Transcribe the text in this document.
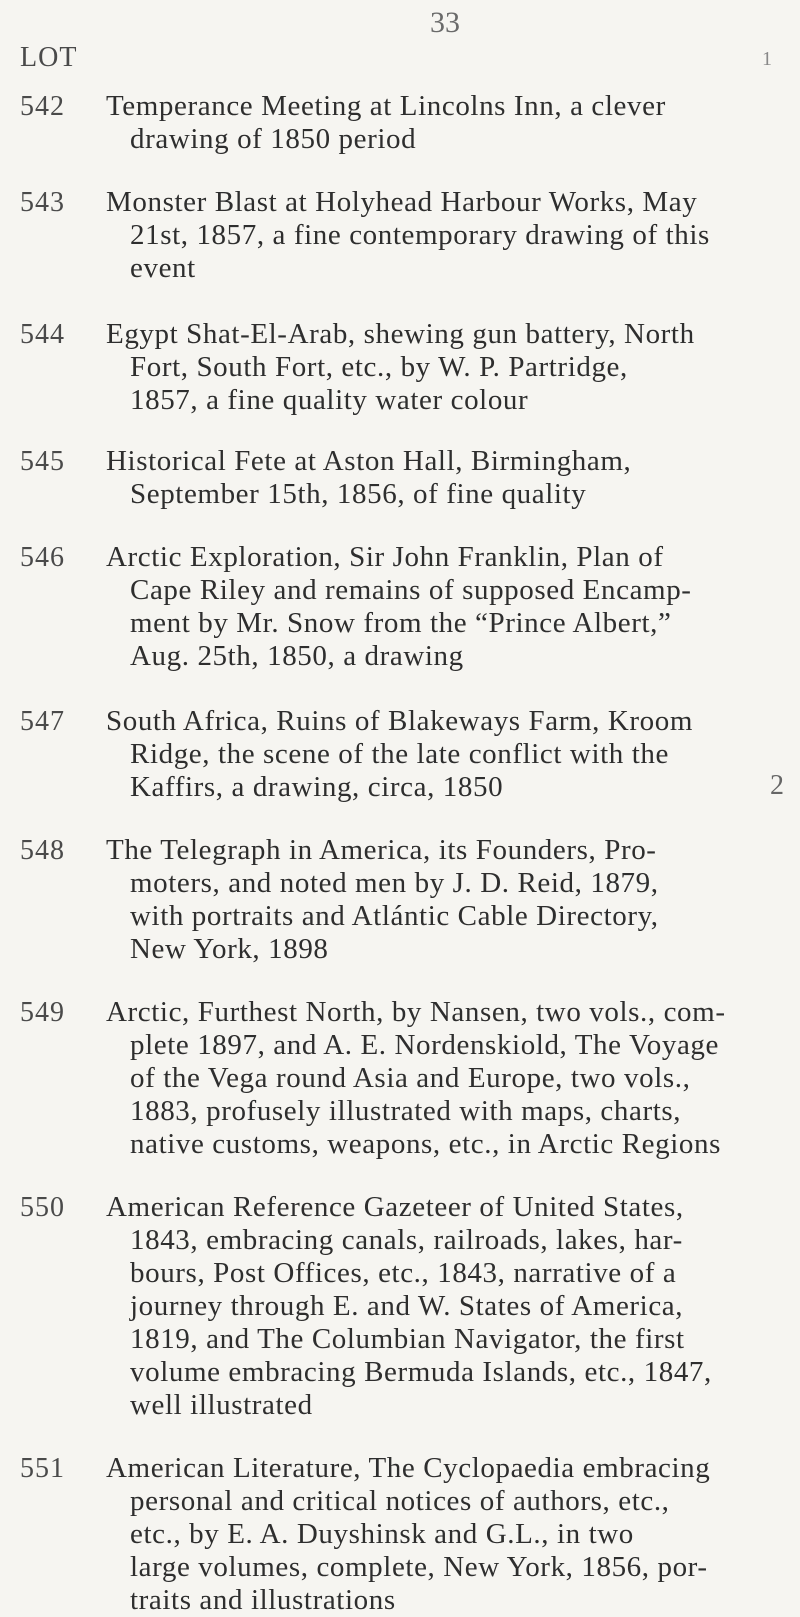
33
LOT	1
2
542	Temperance Meeting at Lincolns Inn, a clever
drawing of 1850 period
543	Monster Blast at Holyhead Harbour Works, May
21st, 1857, a fine contemporary drawing of this
event
544	Egypt Shat-El-Arab, shewing gun battery, North
Fort, South Fort, etc., by W. P. Partridge,
1857, a fine quality water colour
545	Historical Fete at Aston Hall, Birmingham,
September 15th, 1856, of fine quality
546	Arctic Exploration, Sir John Franklin, Plan of
Cape Riley and remains of supposed Encamp-
ment by Mr. Snow from the “Prince Albert,”
Aug. 25th, 1850, a drawing
547	South Africa, Ruins of Blakeways Farm, Kroom
Ridge, the scene of the late conflict with the
Kaffirs, a drawing, circa, 1850
548	The Telegraph in America, its Founders, Pro-
moters, and noted men by J. D. Reid, 1879,
with portraits and Atlántic Cable Directory,
New York, 1898
549	Arctic, Furthest North, by Nansen, two vols., com-
plete 1897, and A. E. Nordenskiold, The Voyage
of the Vega round Asia and Europe, two vols.,
1883, profusely illustrated with maps, charts,
native customs, weapons, etc., in Arctic Regions
550	American Reference Gazeteer of United States,
1843, embracing canals, railroads, lakes, har-
bours, Post Offices, etc., 1843, narrative of a
journey through E. and W. States of America,
1819, and The Columbian Navigator, the first
volume embracing Bermuda Islands, etc., 1847,
well illustrated
551	American Literature, The Cyclopaedia embracing
personal and critical notices of authors, etc.,
etc., by E. A. Duyshinsk and G.L., in two
large volumes, complete, New York, 1856, por-
traits and illustrations
